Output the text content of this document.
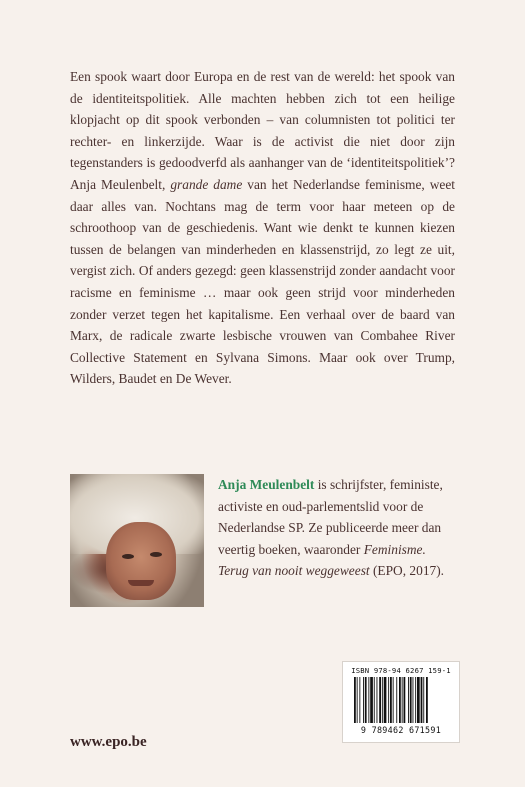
Een spook waart door Europa en de rest van de wereld: het spook van de identiteitspolitiek. Alle machten hebben zich tot een heilige klopjacht op dit spook verbonden – van columnisten tot politici ter rechter- en linkerzijde. Waar is de activist die niet door zijn tegenstanders is gedoodverfd als aanhanger van de ‘identiteitspolitiek’? Anja Meulenbelt, grande dame van het Nederlandse feminisme, weet daar alles van. Nochtans mag de term voor haar meteen op de schroothoop van de geschiedenis. Want wie denkt te kunnen kiezen tussen de belangen van minderheden en klassenstrijd, zo legt ze uit, vergist zich. Of anders gezegd: geen klassenstrijd zonder aandacht voor racisme en feminisme … maar ook geen strijd voor minderheden zonder verzet tegen het kapitalisme. Een verhaal over de baard van Marx, de radicale zwarte lesbische vrouwen van Combahee River Collective Statement en Sylvana Simons. Maar ook over Trump, Wilders, Baudet en De Wever.

Anja Meulenbelt is schrijfster, feministe, activiste en oud-parlementslid voor de Nederlandse SP. Ze publiceerde meer dan veertig boeken, waaronder Feminisme. Terug van nooit weggeweest (EPO, 2017).
www.epo.be
ISBN 978-94 6267 159-1
9 789462 671591
